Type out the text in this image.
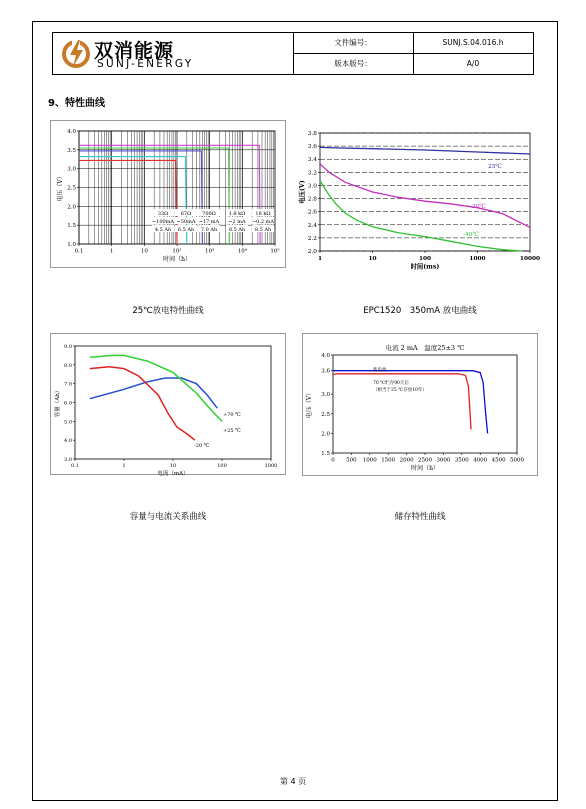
文件编号：	SUNJ.S.04.016.h
版本版号：	A/0
双消能源
SUNJ-ENERGY
9、特性曲线
1.0
1.5
2.0
2.5
3.0
3.5
4.0
0.1	1	10	10²	10³	10⁴	10⁵
时间（h）
电压（V）
33Ω 67Ω 700Ω	1.8 kΩ 18 kΩ
~100mA ~50mA ~17 mA ~2 mA ~0.2 mA
4.5 Ah 6.5 Ah 7.0 Ah 8.5 Ah 8.5 Ah
2.0
2.2
2.4
2.6
2.8
3.0
3.2
3.4
3.6
3.8
1	10	100	1000	10000
时间(ms)
电压(V)
25℃
-20℃
-40℃
3.0
4.0
5.0
6.0
7.0
8.0
9.0
0.1	1	10	100	1000
电流（mA）
容量（Ah）	+70 ℃
+25 ℃
-20 ℃
1.5
2.0
2.5
3.0
3.6
4.0
0 500 1000 1500 2000 2500 3000 3500 4000 4500 5000
时间（h）
电压（V）
电流 2 mA　温度25±3 ℃
新电池
70 ℃贮存90天后
（相当于25 ℃存放10年）
25℃放电特性曲线	EPC1520　350mA 放电曲线
容量与电流关系曲线	储存特性曲线
第 4 页
